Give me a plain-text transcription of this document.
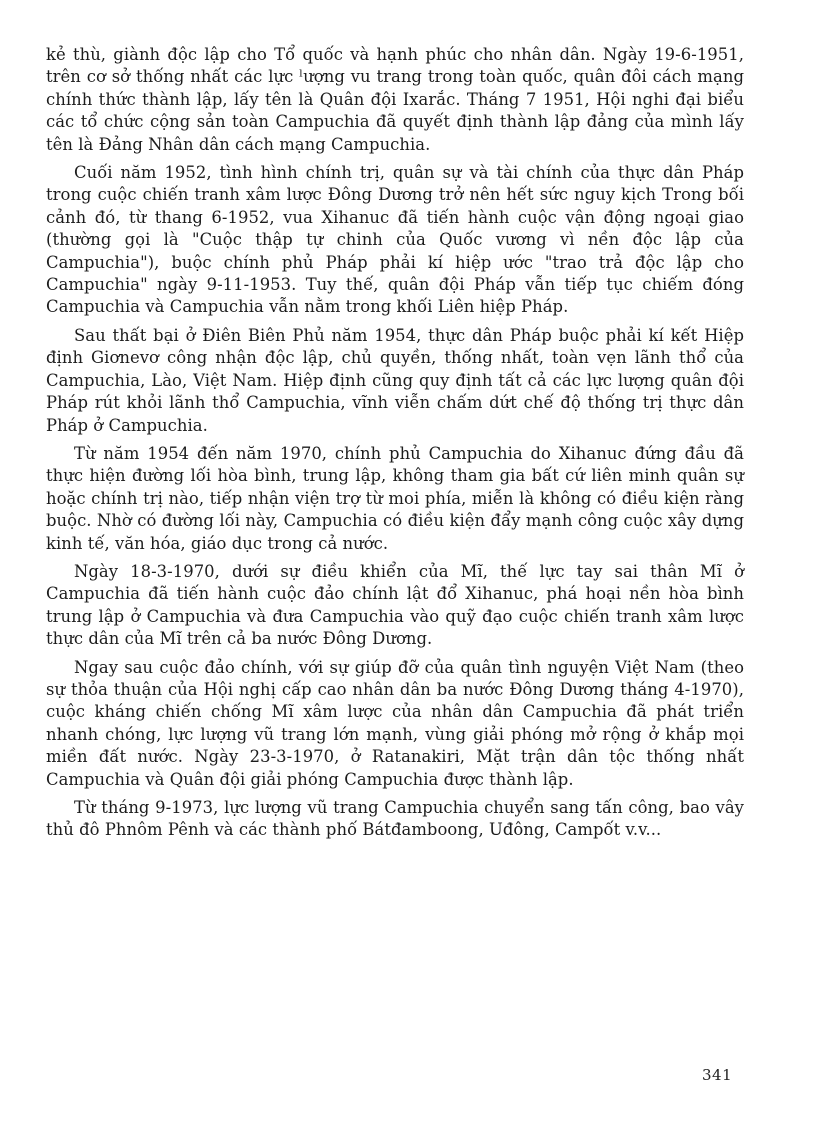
kẻ thù, giành độc lập cho Tổ quốc và hạnh phúc cho nhân dân. Ngày 19-6-1951, trên cơ sở thống nhất các lực ˡượng vu trang trong toàn quốc, quân đôi cách mạng chính thức thành lập, lấy tên là Quân đội Ixarắc. Tháng 7 1951, Hội nghi đại biểu các tổ chức cộng sản toàn Campuchia đã quyết định thành lập đảng của mình lấy tên là Đảng Nhân dân cách mạng Campuchia.

Cuối năm 1952, tình hình chính trị, quân sự và tài chính của thực dân Pháp trong cuộc chiến tranh xâm lược Đông Dương trở nên hết sức nguy kịch Trong bối cảnh đó, từ thang 6-1952, vua Xihanuc đã tiến hành cuộc vận động ngoại giao (thường gọi là "Cuộc thập tự chinh của Quốc vương vì nền độc lập của Campuchia"), buộc chính phủ Pháp phải kí hiệp ước "trao trả độc lập cho Campuchia" ngày 9-11-1953. Tuy thế, quân đội Pháp vẫn tiếp tục chiếm đóng Campuchia và Campuchia vẫn nằm trong khối Liên hiệp Pháp.

Sau thất bại ở Điên Biên Phủ năm 1954, thực dân Pháp buộc phải kí kết Hiệp định Giơnevơ công nhận độc lập, chủ quyền, thống nhất, toàn vẹn lãnh thổ của Campuchia, Lào, Việt Nam. Hiệp định cũng quy định tất cả các lực lượng quân đội Pháp rút khỏi lãnh thổ Campuchia, vĩnh viễn chấm dứt chế độ thống trị thực dân Pháp ở Campuchia.

Từ năm 1954 đến năm 1970, chính phủ Campuchia do Xihanuc đứng đầu đã thực hiện đường lối hòa bình, trung lập, không tham gia bất cứ liên minh quân sự hoặc chính trị nào, tiếp nhận viện trợ từ moi phía, miễn là không có điều kiện ràng buộc. Nhờ có đường lối này, Campuchia có điều kiện đẩy mạnh công cuộc xây dựng kinh tế, văn hóa, giáo dục trong cả nước.

Ngày 18-3-1970, dưới sự điều khiển của Mĩ, thế lực tay sai thân Mĩ ở Campuchia đã tiến hành cuộc đảo chính lật đổ Xihanuc, phá hoại nền hòa bình trung lập ở Campuchia và đưa Campuchia vào quỹ đạo cuộc chiến tranh xâm lược thực dân của Mĩ trên cả ba nước Đông Dương.

Ngay sau cuộc đảo chính, với sự giúp đỡ của quân tình nguyện Việt Nam (theo sự thỏa thuận của Hội nghị cấp cao nhân dân ba nước Đông Dương tháng 4-1970), cuộc kháng chiến chống Mĩ xâm lược của nhân dân Campuchia đã phát triển nhanh chóng, lực lượng vũ trang lớn mạnh, vùng giải phóng mở rộng ở khắp mọi miền đất nước. Ngày 23-3-1970, ở Ratanakiri, Mặt trận dân tộc thống nhất Campuchia và Quân đội giải phóng Campuchia được thành lập.

Từ tháng 9-1973, lực lượng vũ trang Campuchia chuyển sang tấn công, bao vây thủ đô Phnôm Pênh và các thành phố Bátđamboong, Uđông, Campốt v.v...

341
